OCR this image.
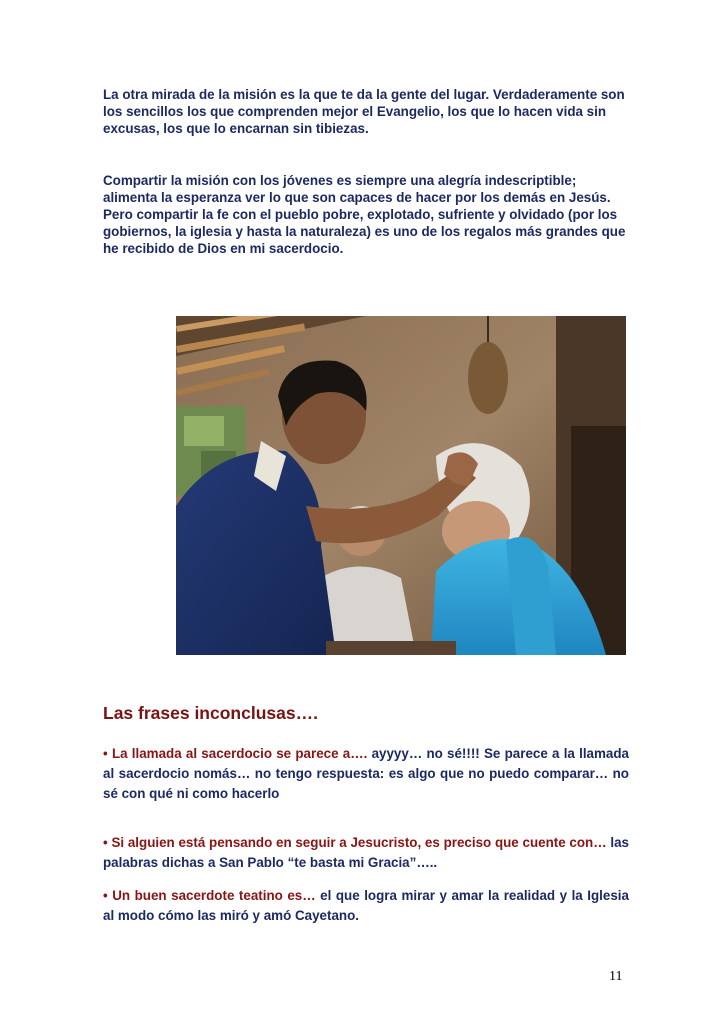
La otra mirada de la misión es la que te da la gente del lugar. Verdaderamente son los sencillos los que comprenden mejor el Evangelio, los que lo hacen vida sin excusas, los que lo encarnan sin tibiezas.

Compartir la misión con los jóvenes es siempre una alegría indescriptible; alimenta la esperanza ver lo que son capaces de hacer por los demás en Jesús. Pero compartir la fe con el pueblo pobre, explotado, sufriente y olvidado (por los gobiernos, la iglesia y hasta la naturaleza) es uno de los regalos más grandes que he recibido de Dios en mi sacerdocio.

Las frases inconclusas….

• La llamada al sacerdocio se parece a…. ayyyy… no sé!!!! Se parece a la llamada al sacerdocio nomás… no tengo respuesta: es algo que no puedo comparar… no sé con qué ni como hacerlo

• Si alguien está pensando en seguir a Jesucristo, es preciso que cuente con… las palabras dichas a San Pablo “te basta mi Gracia”…..

• Un buen sacerdote teatino es… el que logra mirar y amar la realidad y la Iglesia al modo cómo las miró y amó Cayetano.

11
